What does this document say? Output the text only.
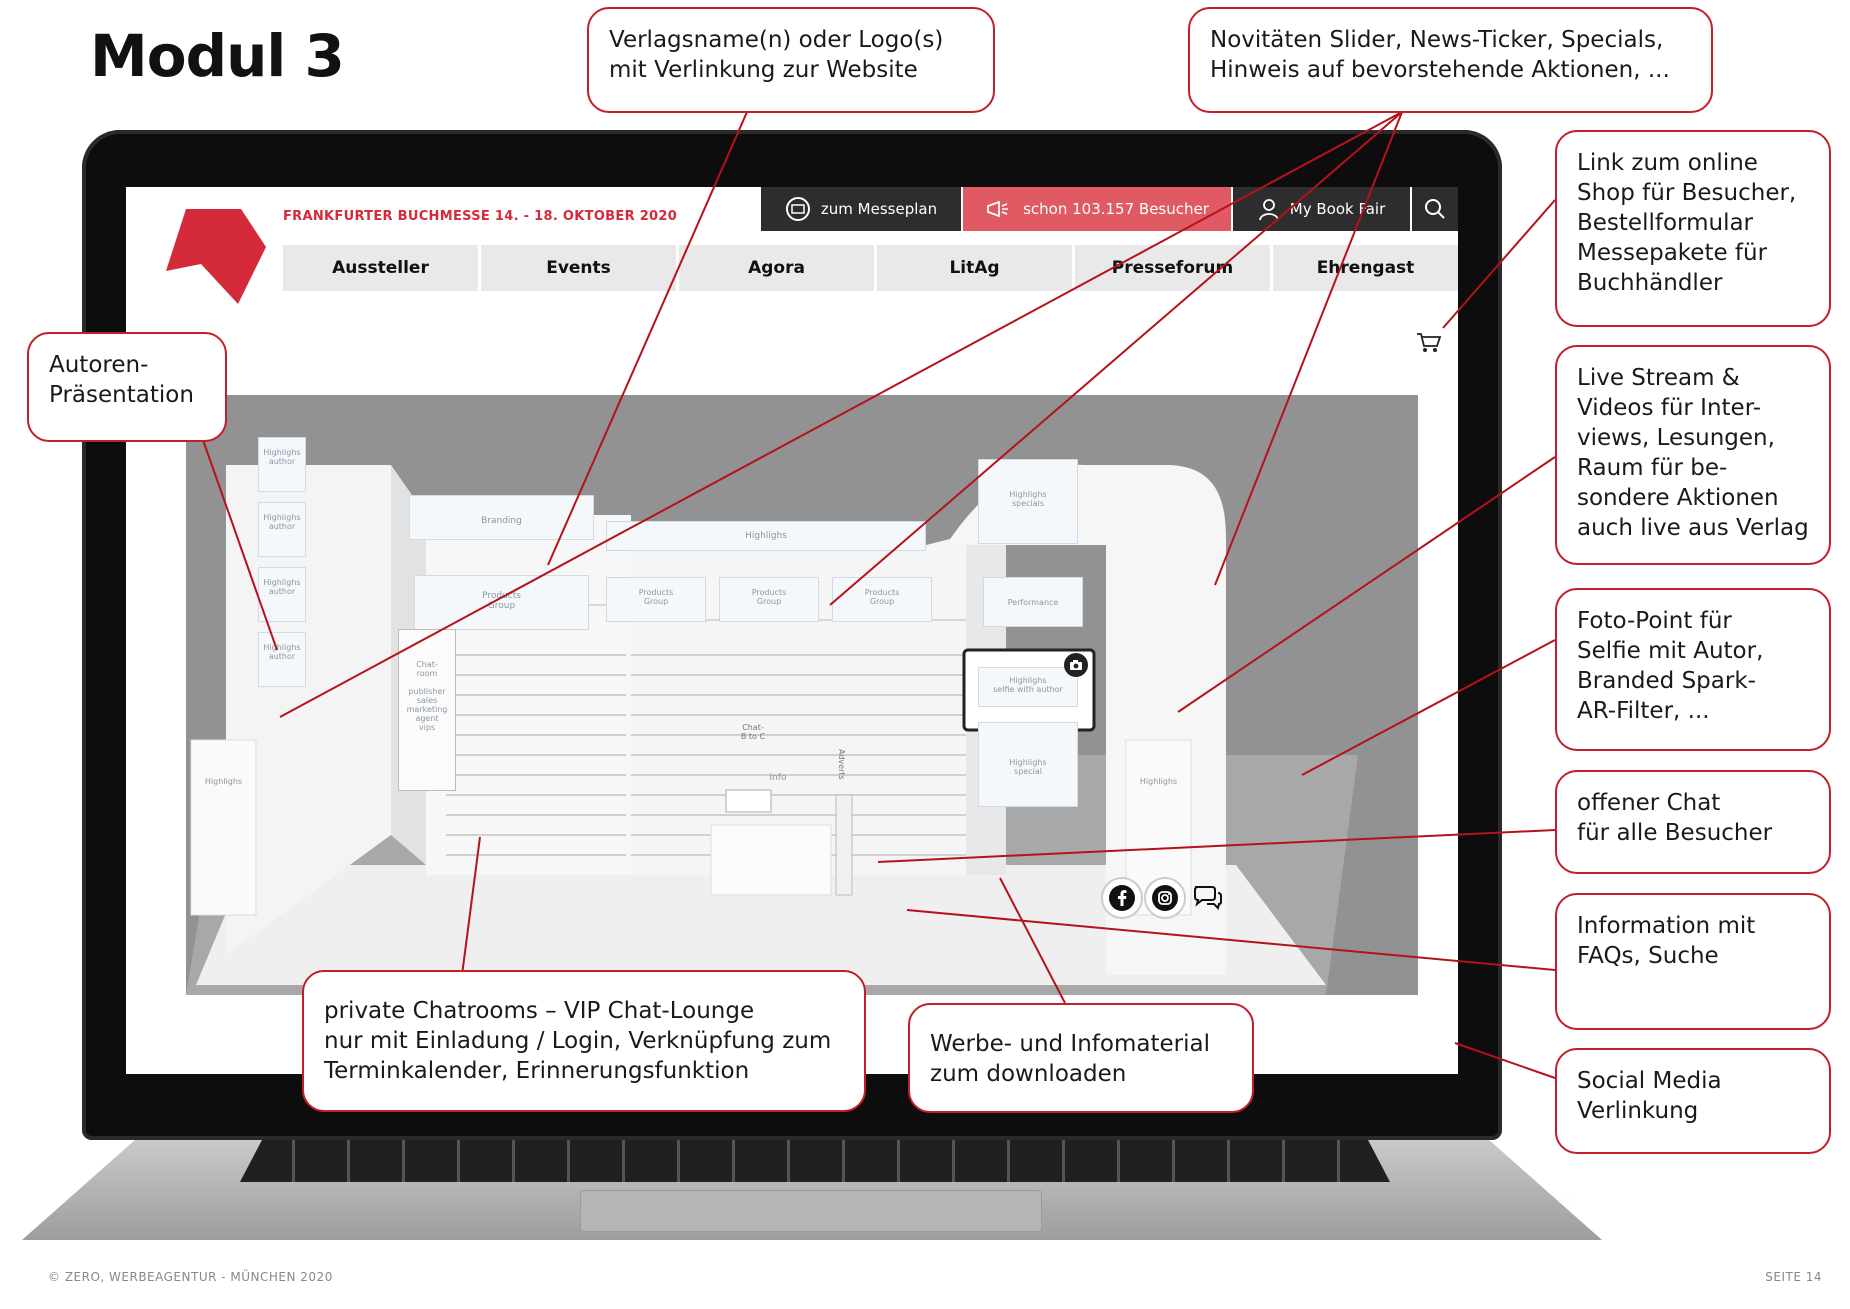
Modul 3
FRANKFURTER BUCHMESSE 14. - 18. OKTOBER 2020	zum Messeplan	schon 103.157 Besucher	My Book Fair
Aussteller	Events	Agora	LitAg	Presseforum	Ehrengast
Highlighs
author
Highlighs
author
Highlighs
author
Highlighs
author
Branding
Products
Group
Highlighs
Products
Group
Products
Group
Products
Group
Chat-
room

publisher
sales
marketing
agent
vips	Chat-
B to C
Info	Adverts
Highlighs
specials
Performance
Highlighs
selfie with author
Highlighs
special
Highlighs	Highlighs
Verlagsname(n) oder Logo(s)
mit Verlinkung zur Website
Novitäten Slider, News-Ticker, Specials,
Hinweis auf bevorstehende Aktionen, ...
Link zum online
Shop für Besucher,
Bestellformular
Messepakete für
Buchhändler
Autoren-
Präsentation
Live Stream &
Videos für Inter-
views, Lesungen,
Raum für be-
sondere Aktionen
auch live aus Verlag
Foto-Point für
Selfie mit Autor,
Branded Spark-
AR-Filter, ...
offener Chat
für alle Besucher
Information mit
FAQs, Suche
Social Media
Verlinkung
private Chatrooms – VIP Chat-Lounge
nur mit Einladung / Login, Verknüpfung zum
Terminkalender, Erinnerungsfunktion
Werbe- und Infomaterial
zum downloaden
© ZERO, WERBEAGENTUR - MÜNCHEN 2020	SEITE 14
